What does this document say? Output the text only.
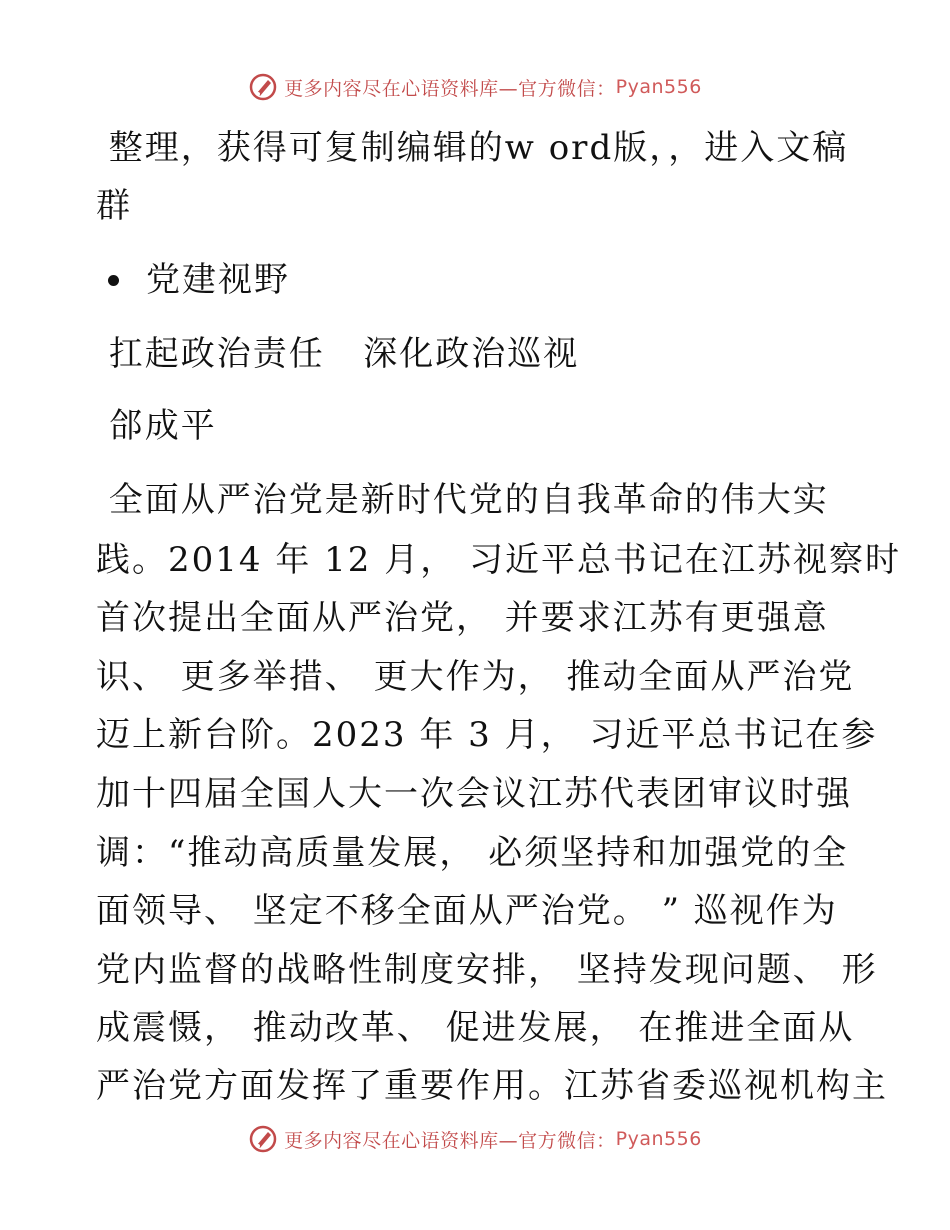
更多内容尽在心语资料库—官方微信： Pyan556
整理，获得可复制编辑的w ord版，，进入文稿
群
党建视野
扛起政治责任   深化政治巡视
郃成平
全面从严治党是新时代党的自我革命的伟大实
践。2014 年 12 月， 习近平总书记在江苏视察时
首次提出全面从严治党， 并要求江苏有更强意
识、 更多举措、 更大作为， 推动全面从严治党
迈上新台阶。2023 年 3 月， 习近平总书记在参
加十四届全国人大一次会议江苏代表团审议时强
调：“推动高质量发展， 必须坚持和加强党的全
面领导、 坚定不移全面从严治党。 ” 巡视作为
党内监督的战略性制度安排， 坚持发现问题、 形
成震慑， 推动改革、 促进发展， 在推进全面从
严治党方面发挥了重要作用。江苏省委巡视机构主
更多内容尽在心语资料库—官方微信： Pyan556
